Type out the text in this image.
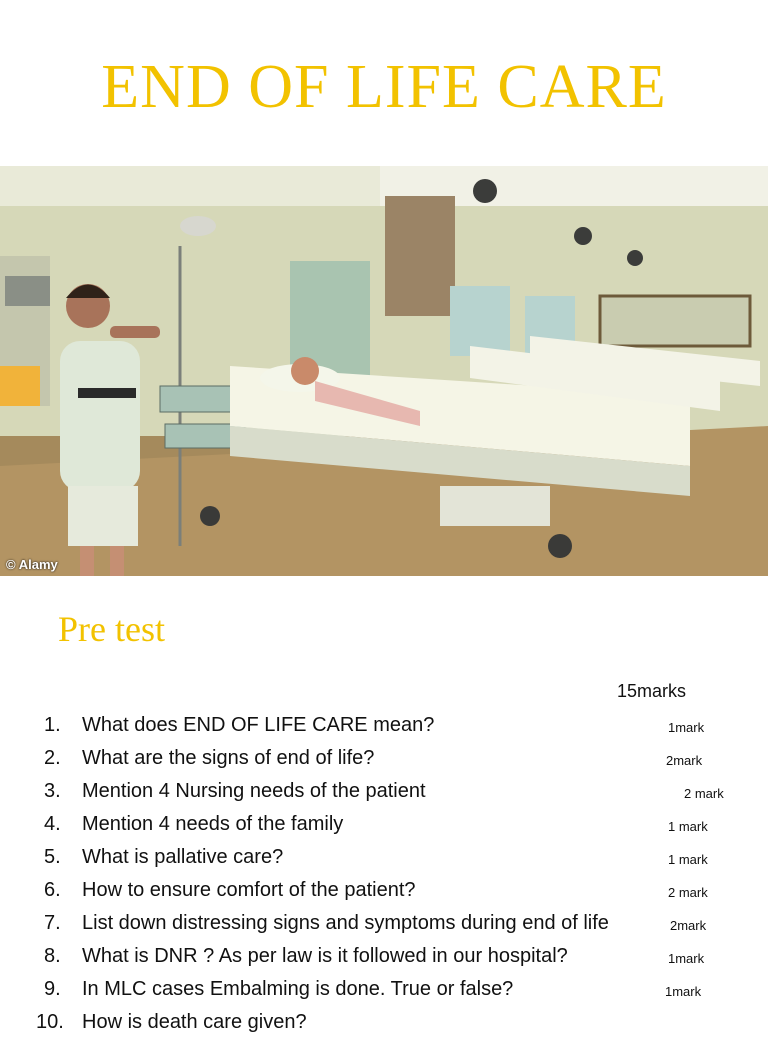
END OF LIFE CARE
© Alamy
Pre test
15marks
1. What does END OF LIFE CARE mean?	1mark
2. What are the signs of end of life?	2mark
3. Mention 4 Nursing needs of the patient	2 mark
4. Mention 4 needs of the family	1 mark
5. What is pallative care?	1 mark
6. How to ensure comfort of the patient?	2 mark
7. List down distressing signs and symptoms during end of life	2mark
8. What is DNR ? As per law is it followed in our hospital?	1mark
9. In MLC cases Embalming is done. True or false?	1mark
10. How is death care given?
